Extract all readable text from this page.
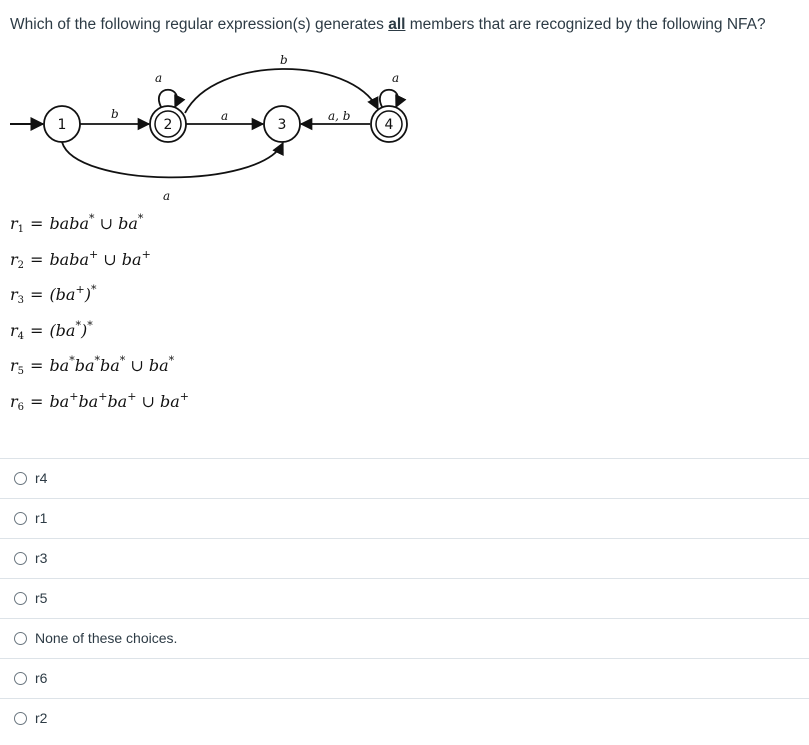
Which of the following regular expression(s) generates all members that are recognized by the following NFA?
1	2	3	4
b
a
a
a
b
a, b
a
$r_1$ = baba* ∪ ba*
$r_2$ = baba+ ∪ ba+
$r_3 = (ba^+)^*$
$r_4 = (ba^*)^*$
$r_5 = ba^*ba^*ba^*$ ∪ ba*
$r_6 = ba^+ba^+ba^+$ ∪ ba+
r4
r1
r3
r5
None of these choices.
r6
r2
